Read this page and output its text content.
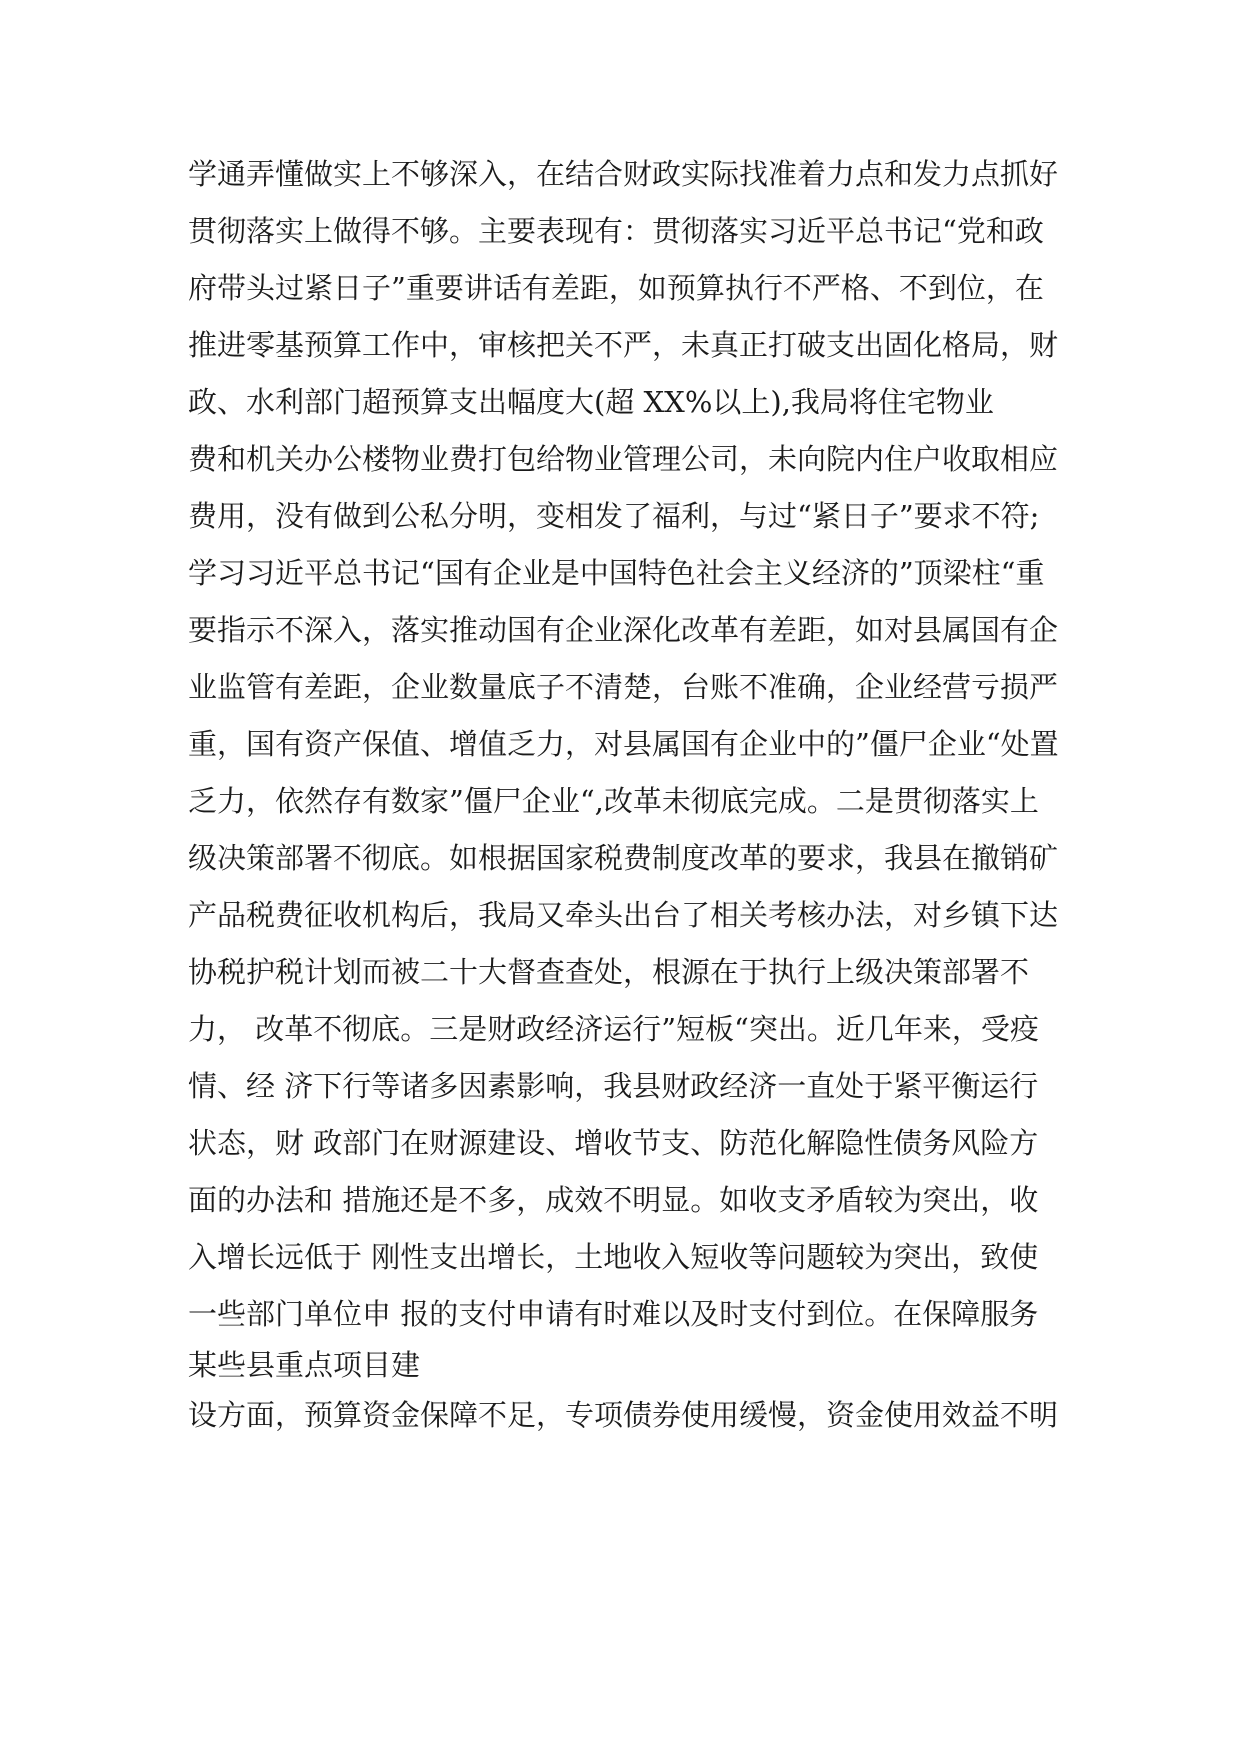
学通弄懂做实上不够深入，在结合财政实际找准着力点和发力点抓好
贯彻落实上做得不够。主要表现有：贯彻落实习近平总书记“党和政
府带头过紧日子”重要讲话有差距，如预算执行不严格、不到位，在
推进零基预算工作中，审核把关不严，未真正打破支出固化格局，财
政、水利部门超预算支出幅度大(超 XX%以上),我局将住宅物业
费和机关办公楼物业费打包给物业管理公司，未向院内住户收取相应
费用，没有做到公私分明，变相发了福利，与过“紧日子”要求不符;
学习习近平总书记“国有企业是中国特色社会主义经济的”顶梁柱“重
要指示不深入，落实推动国有企业深化改革有差距，如对县属国有企
业监管有差距，企业数量底子不清楚，台账不准确，企业经营亏损严
重，国有资产保值、增值乏力，对县属国有企业中的”僵尸企业“处置
乏力，依然存有数家”僵尸企业“,改革未彻底完成。二是贯彻落实上
级决策部署不彻底。如根据国家税费制度改革的要求，我县在撤销矿
产品税费征收机构后，我局又牵头出台了相关考核办法，对乡镇下达
协税护税计划而被二十大督查查处，根源在于执行上级决策部署不
力， 改革不彻底。三是财政经济运行”短板“突出。近几年来，受疫
情、经 济下行等诸多因素影响，我县财政经济一直处于紧平衡运行
状态，财 政部门在财源建设、增收节支、防范化解隐性债务风险方
面的办法和 措施还是不多，成效不明显。如收支矛盾较为突出，收
入增长远低于 刚性支出增长，土地收入短收等问题较为突出，致使
一些部门单位申 报的支付申请有时难以及时支付到位。在保障服务
某些县重点项目建
设方面，预算资金保障不足，专项债券使用缓慢，资金使用效益不明
